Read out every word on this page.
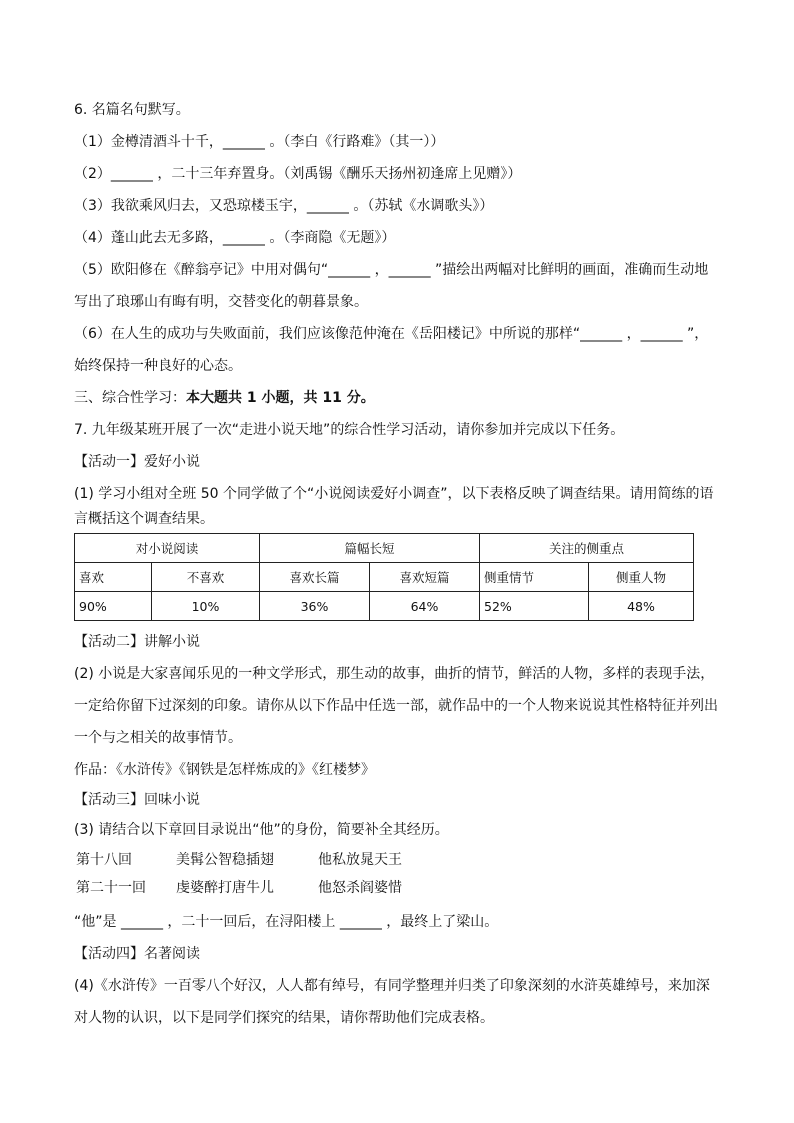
6. 名篇名句默写。
（1）金樽清酒斗十千，______ 。（李白《行路难》（其一））
（2）______ ，二十三年弃置身。（刘禹锡《酬乐天扬州初逢席上见赠》）
（3）我欲乘风归去，又恐琼楼玉宇，______ 。（苏轼《水调歌头》）
（4）蓬山此去无多路，______ 。（李商隐《无题》）
（5）欧阳修在《醉翁亭记》中用对偶句“______ ，______ ”描绘出两幅对比鲜明的画面，准确而生动地
写出了琅琊山有晦有明，交替变化的朝暮景象。
（6）在人生的成功与失败面前，我们应该像范仲淹在《岳阳楼记》中所说的那样“______ ，______ ”，
始终保持一种良好的心态。
三、综合性学习：本大题共 1 小题，共 11 分。
7. 九年级某班开展了一次“走进小说天地”的综合性学习活动，请你参加并完成以下任务。
【活动一】爱好小说
(1) 学习小组对全班 50 个同学做了个“小说阅读爱好小调查”，以下表格反映了调查结果。请用简练的语
言概括这个调查结果。
对小说阅读		篇幅长短		关注的侧重点	
喜欢	不喜欢	喜欢长篇	喜欢短篇	侧重情节	侧重人物
90%	10%	36%	64%	52%	48%
【活动二】讲解小说
(2) 小说是大家喜闻乐见的一种文学形式，那生动的故事，曲折的情节，鲜活的人物，多样的表现手法，
一定给你留下过深刻的印象。请你从以下作品中任选一部，就作品中的一个人物来说说其性格特征并列出
一个与之相关的故事情节。
作品：《水浒传》《钢铁是怎样炼成的》《红楼梦》
【活动三】回味小说
(3) 请结合以下章回目录说出“他”的身份，简要补全其经历。
第十八回	美髯公智稳插翅	他私放晁天王
第二十一回 虔婆醉打唐牛儿	他怒杀阎婆惜
“他”是 ______ ，二十一回后，在浔阳楼上 ______ ，最终上了梁山。
【活动四】名著阅读
(4)《水浒传》一百零八个好汉，人人都有绰号，有同学整理并归类了印象深刻的水浒英雄绰号，来加深
对人物的认识，以下是同学们探究的结果，请你帮助他们完成表格。
